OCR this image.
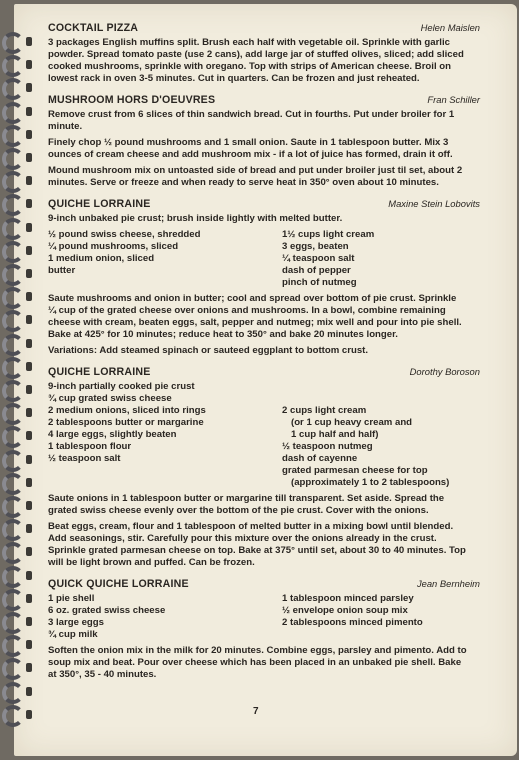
COCKTAIL PIZZA	Helen Maislen
3 packages English muffins split. Brush each half with vegetable oil. Sprinkle with garlic
powder. Spread tomato paste (use 2 cans), add large jar of stuffed olives, sliced; add sliced
cooked mushrooms, sprinkle with oregano. Top with strips of American cheese. Broil on
lowest rack in oven 3-5 minutes. Cut in quarters. Can be frozen and just reheated.
MUSHROOM HORS D'OEUVRES	Fran Schiller
Remove crust from 6 slices of thin sandwich bread. Cut in fourths. Put under broiler for 1
minute.
Finely chop ½ pound mushrooms and 1 small onion. Saute in 1 tablespoon butter. Mix 3
ounces of cream cheese and add mushroom mix - if a lot of juice has formed, drain it off.
Mound mushroom mix on untoasted side of bread and put under broiler just til set, about 2
minutes. Serve or freeze and when ready to serve heat in 350° oven about 10 minutes.
QUICHE LORRAINE	Maxine Stein Lobovits
9-inch unbaked pie crust; brush inside lightly with melted butter.
½ pound swiss cheese, shredded
¼ pound mushrooms, sliced
1 medium onion, sliced
butter
1½ cups light cream
3 eggs, beaten
¼ teaspoon salt
dash of pepper
pinch of nutmeg
Saute mushrooms and onion in butter; cool and spread over bottom of pie crust. Sprinkle
¼ cup of the grated cheese over onions and mushrooms. In a bowl, combine remaining
cheese with cream, beaten eggs, salt, pepper and nutmeg; mix well and pour into pie shell.
Bake at 425° for 10 minutes; reduce heat to 350° and bake 20 minutes longer.
Variations: Add steamed spinach or sauteed eggplant to bottom crust.
QUICHE LORRAINE	Dorothy Boroson
9-inch partially cooked pie crust
¾ cup grated swiss cheese
2 medium onions, sliced into rings
2 tablespoons butter or margarine
4 large eggs, slightly beaten
1 tablespoon flour
½ teaspoon salt

2 cups light cream
(or 1 cup heavy cream and
1 cup half and half)
½ teaspoon nutmeg
dash of cayenne
grated parmesan cheese for top
(approximately 1 to 2 tablespoons)
Saute onions in 1 tablespoon butter or margarine till transparent. Set aside. Spread the
grated swiss cheese evenly over the bottom of the pie crust. Cover with the onions.
Beat eggs, cream, flour and 1 tablespoon of melted butter in a mixing bowl until blended.
Add seasonings, stir. Carefully pour this mixture over the onions already in the crust.
Sprinkle grated parmesan cheese on top. Bake at 375° until set, about 30 to 40 minutes. Top
will be light brown and puffed. Can be frozen.
QUICK QUICHE LORRAINE	Jean Bernheim
1 pie shell
6 oz. grated swiss cheese
3 large eggs
¾ cup milk
1 tablespoon minced parsley
½ envelope onion soup mix
2 tablespoons minced pimento
Soften the onion mix in the milk for 20 minutes. Combine eggs, parsley and pimento. Add to
soup mix and beat. Pour over cheese which has been placed in an unbaked pie shell. Bake
at 350°, 35 - 40 minutes.
7
